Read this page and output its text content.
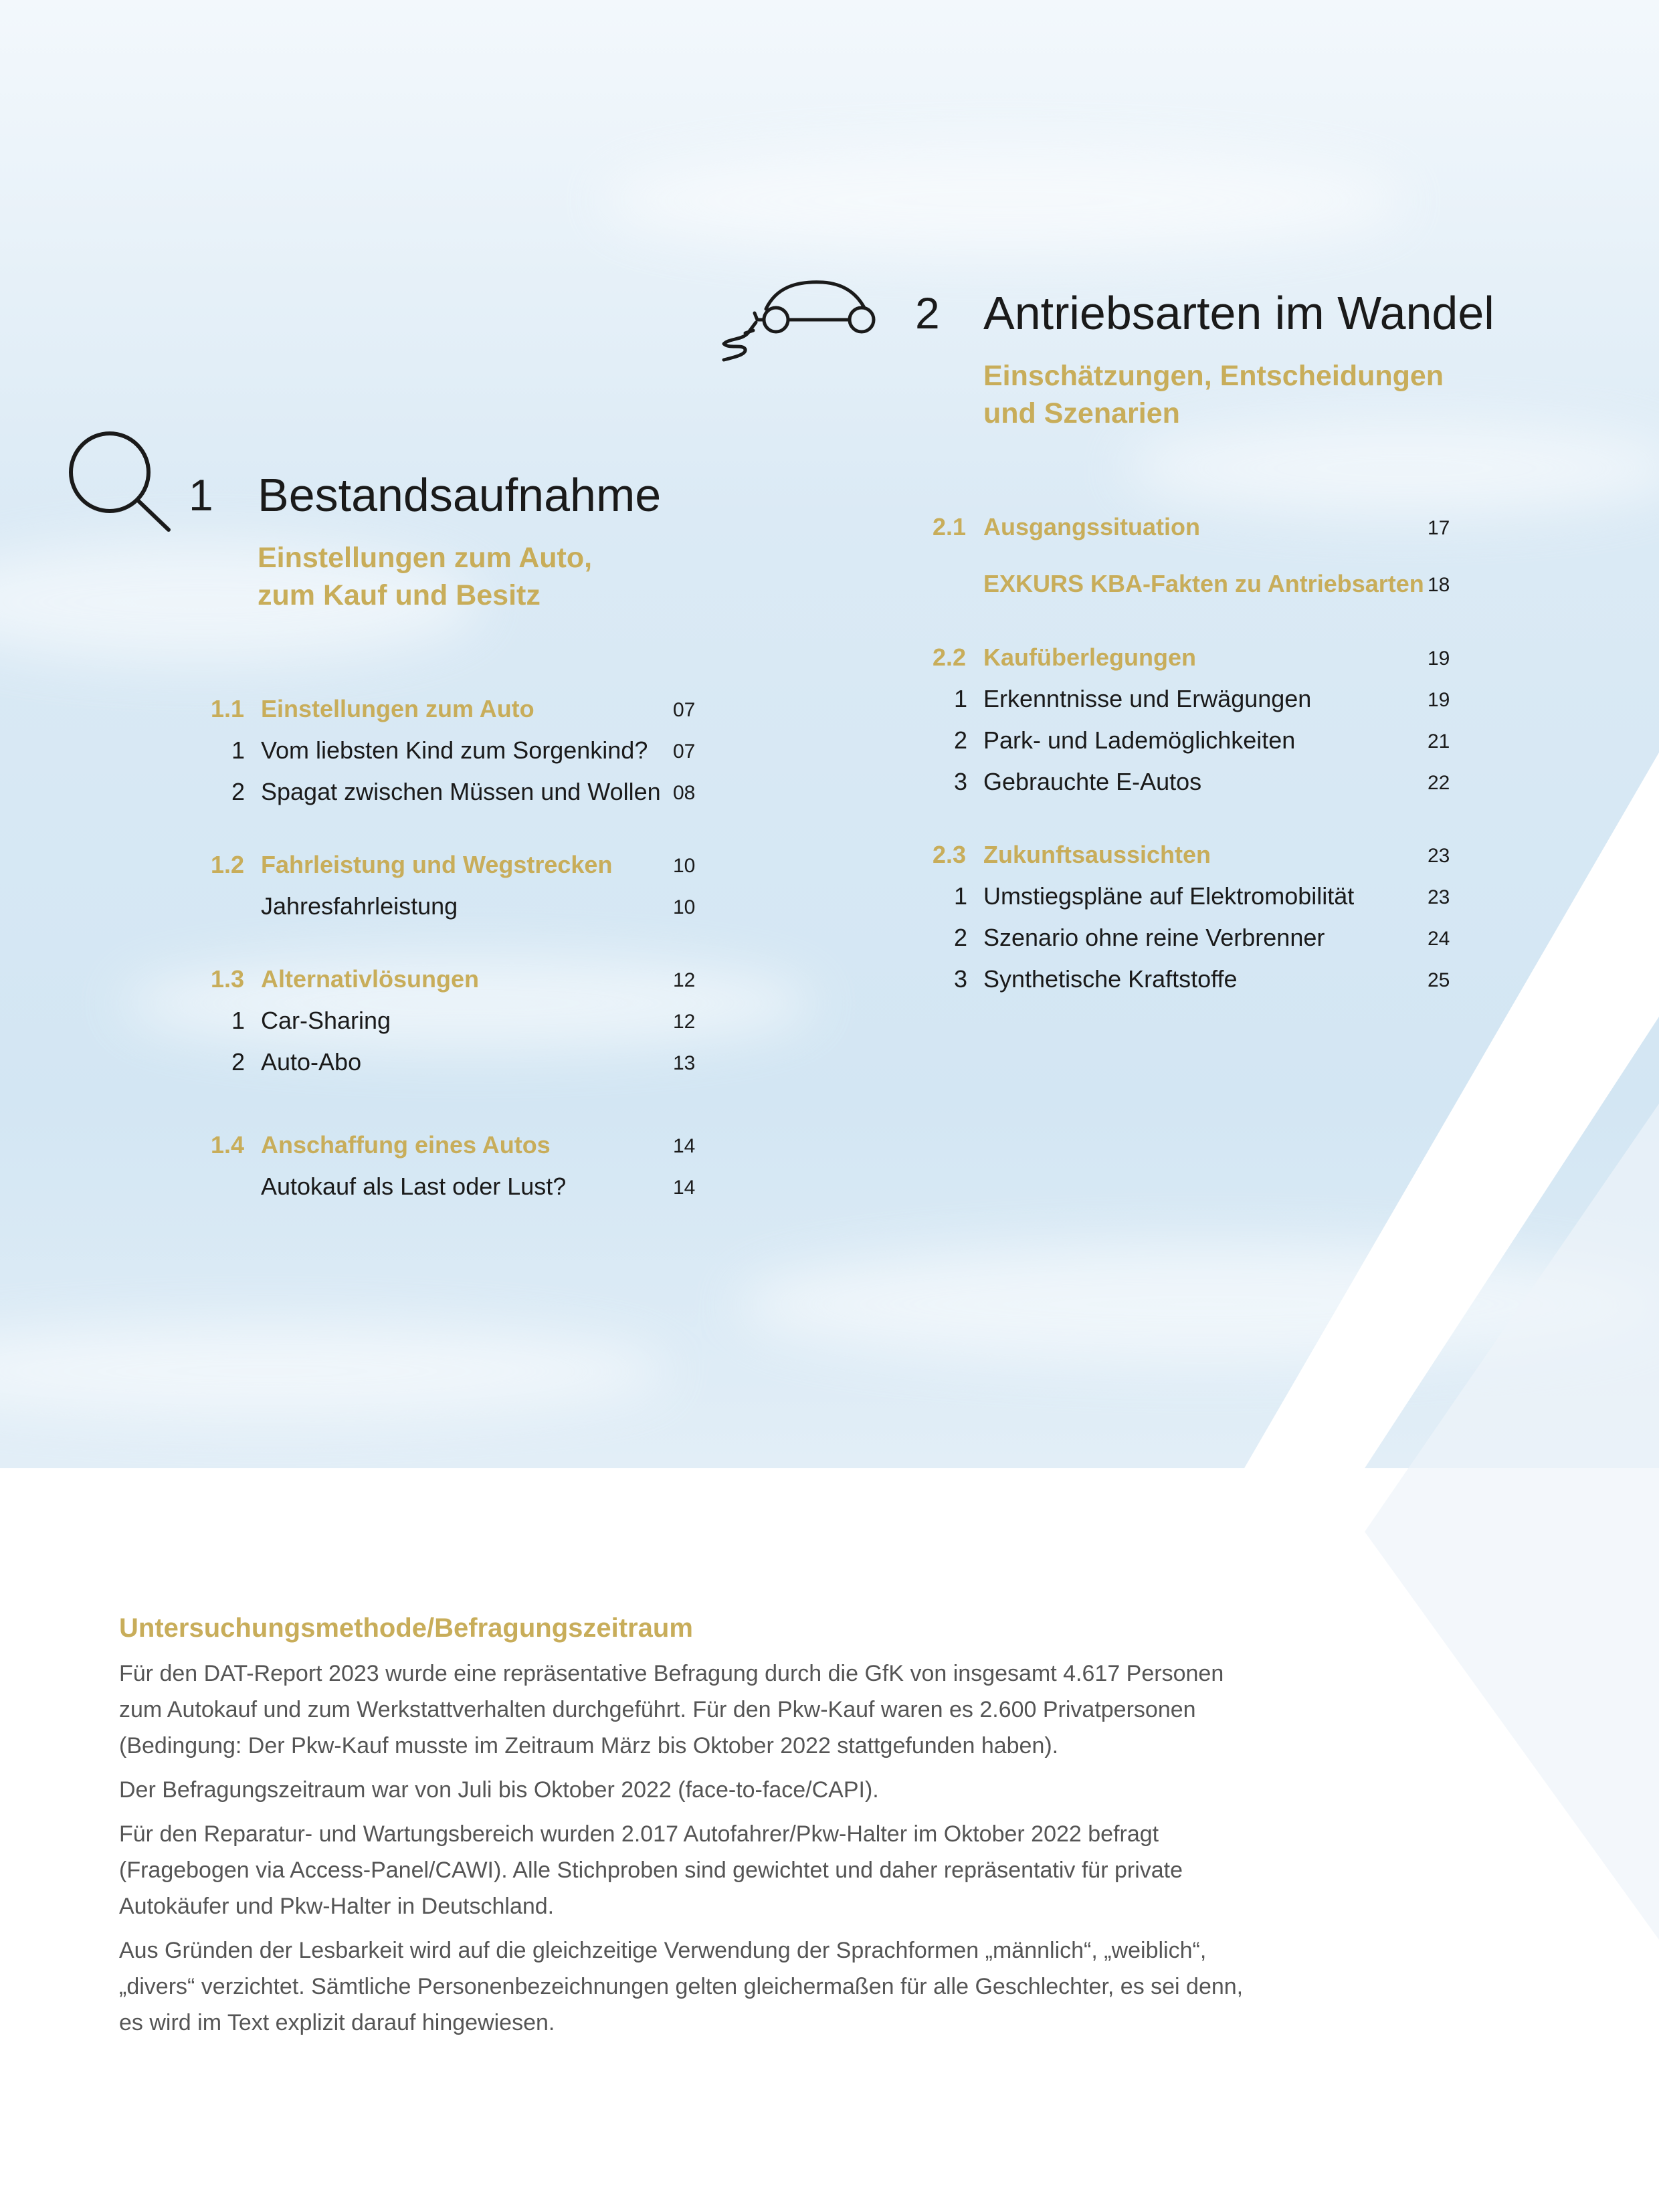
1 Bestandsaufnahme
Einstellungen zum Auto,
zum Kauf und Besitz
1.1 Einstellungen zum Auto	07
1 Vom liebsten Kind zum Sorgenkind? 07
2 Spagat zwischen Müssen und Wollen 08
1.2 Fahrleistung und Wegstrecken	10
Jahresfahrleistung	10
1.3 Alternativlösungen	12
1 Car-Sharing	12
2 Auto-Abo	13
1.4 Anschaffung eines Autos	14
Autokauf als Last oder Lust?	14
2 Antriebsarten im Wandel
Einschätzungen, Entscheidungen
und Szenarien
2.1 Ausgangssituation	17
EXKURS KBA-Fakten zu Antriebsarten 18
2.2 Kaufüberlegungen	19
1 Erkenntnisse und Erwägungen	19
2 Park- und Lademöglichkeiten	21
3 Gebrauchte E-Autos	22
2.3 Zukunftsaussichten	23
1 Umstiegspläne auf Elektromobilität	23
2 Szenario ohne reine Verbrenner	24
3 Synthetische Kraftstoffe	25
Untersuchungsmethode/Befragungszeitraum

Für den DAT-Report 2023 wurde eine repräsentative Befragung durch die GfK von insgesamt 4.617 Personen
zum Autokauf und zum Werkstattverhalten durchgeführt. Für den Pkw-Kauf waren es 2.600 Privatpersonen
(Bedingung: Der Pkw-Kauf musste im Zeitraum März bis Oktober 2022 stattgefunden haben).

Der Befragungszeitraum war von Juli bis Oktober 2022 (face-to-face/CAPI).

Für den Reparatur- und Wartungsbereich wurden 2.017 Autofahrer/Pkw-Halter im Oktober 2022 befragt
(Fragebogen via Access-Panel/CAWI). Alle Stichproben sind gewichtet und daher repräsentativ für private
Autokäufer und Pkw-Halter in Deutschland.

Aus Gründen der Lesbarkeit wird auf die gleichzeitige Verwendung der Sprachformen „männlich“, „weiblich“,
„divers“ verzichtet. Sämtliche Personenbezeichnungen gelten gleichermaßen für alle Geschlechter, es sei denn,
es wird im Text explizit darauf hingewiesen.
